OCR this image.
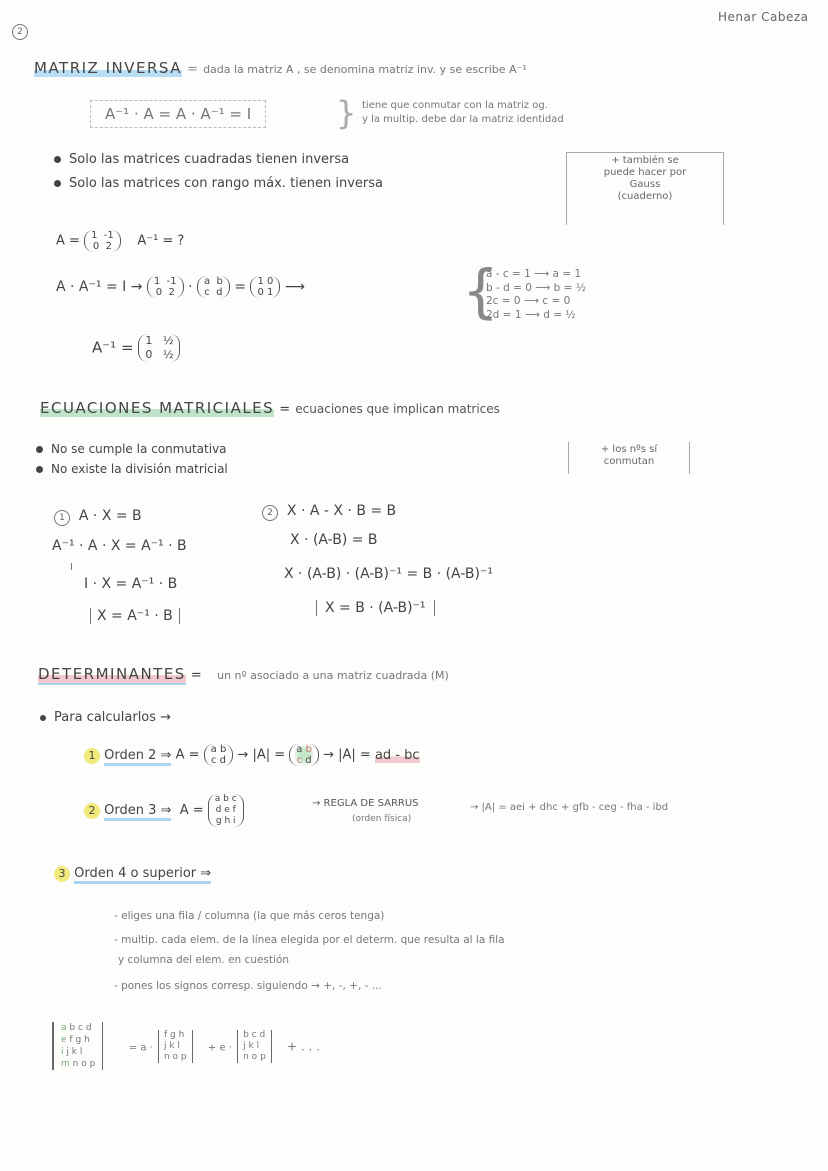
2
Henar Cabeza
MATRIZ INVERSA = dada la matriz A , se denomina matriz inv. y se escribe A⁻¹
A⁻¹ · A = A · A⁻¹ = I	} tiene que conmutar con la matriz og.
y la multip. debe dar la matriz identidad
Solo las matrices cuadradas tienen inversa
Solo las matrices con rango máx. tienen inversa
+ también se
puede hacer por
Gauss
(cuaderno)
A = 1 -1
0 2 A⁻¹ = ?
A · A⁻¹ = I → 1 -1
0 2 · a b
c d = 1 0
0 1 ⟶	{
a - c = 1 ⟶ a = 1
b - d = 0 ⟶ b = ½
2c = 0 ⟶ c = 0
2d = 1 ⟶ d = ½
A⁻¹ = 1 ½
0 ½
ECUACIONES MATRICIALES = ecuaciones que implican matrices
No se cumple la conmutativa
No existe la división matricial
+ los nºs sí
conmutan
1 A · X = B
A⁻¹ · A · X = A⁻¹ · B
I
I · X = A⁻¹ · B
X = A⁻¹ · B
2 X · A - X · B = B
X · (A-B) = B
X · (A-B) · (A-B)⁻¹ = B · (A-B)⁻¹
X = B · (A-B)⁻¹
DETERMINANTES = un nº asociado a una matriz cuadrada (M)
Para calcularlos →
1 Orden 2 ⇒ A = a b
c d → |A| = a b
c d → |A| = ad - bc
2 Orden 3 ⇒ A = a b c
d e f
g h i
→ REGLA DE SARRUS
(orden física)
→ |A| = aei + dhc + gfb - ceg - fha - ibd
3 Orden 4 o superior ⇒
- eliges una fila / columna (la que más ceros tenga)
- multip. cada elem. de la línea elegida por el determ. que resulta al la fila
y columna del elem. en cuestión
- pones los signos corresp. siguiendo → +, -, +, - ...
a b c d
e f g h
i j k l
m n o p     = a · f g h
j k l
n o p   + e · b c d
j k l
n o p   + . . .
